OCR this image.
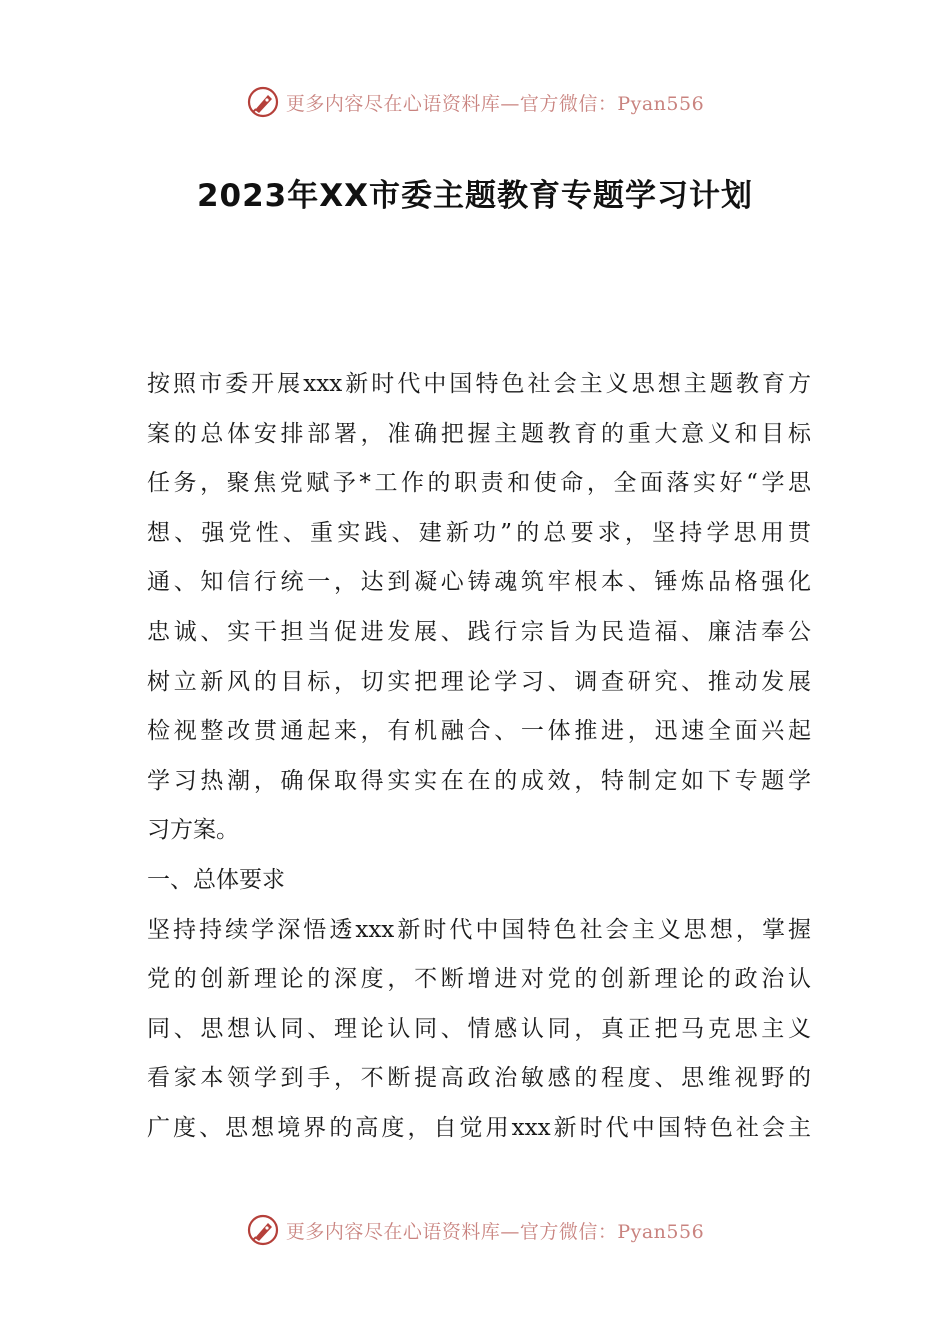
更多内容尽在心语资料库—官方微信：Pyan556
2023年XX市委主题教育专题学习计划
按照市委开展xxx新时代中国特色社会主义思想主题教育方
案的总体安排部署，准确把握主题教育的重大意义和目标
任务，聚焦党赋予*工作的职责和使命，全面落实好“学思
想、强党性、重实践、建新功”的总要求，坚持学思用贯
通、知信行统一，达到凝心铸魂筑牢根本、锤炼品格强化
忠诚、实干担当促进发展、践行宗旨为民造福、廉洁奉公
树立新风的目标，切实把理论学习、调查研究、推动发展
检视整改贯通起来，有机融合、一体推进，迅速全面兴起
学习热潮，确保取得实实在在的成效，特制定如下专题学
习方案。
一、总体要求
坚持持续学深悟透xxx新时代中国特色社会主义思想，掌握
党的创新理论的深度，不断增进对党的创新理论的政治认
同、思想认同、理论认同、情感认同，真正把马克思主义
看家本领学到手，不断提高政治敏感的程度、思维视野的
广度、思想境界的高度，自觉用xxx新时代中国特色社会主
更多内容尽在心语资料库—官方微信：Pyan556
